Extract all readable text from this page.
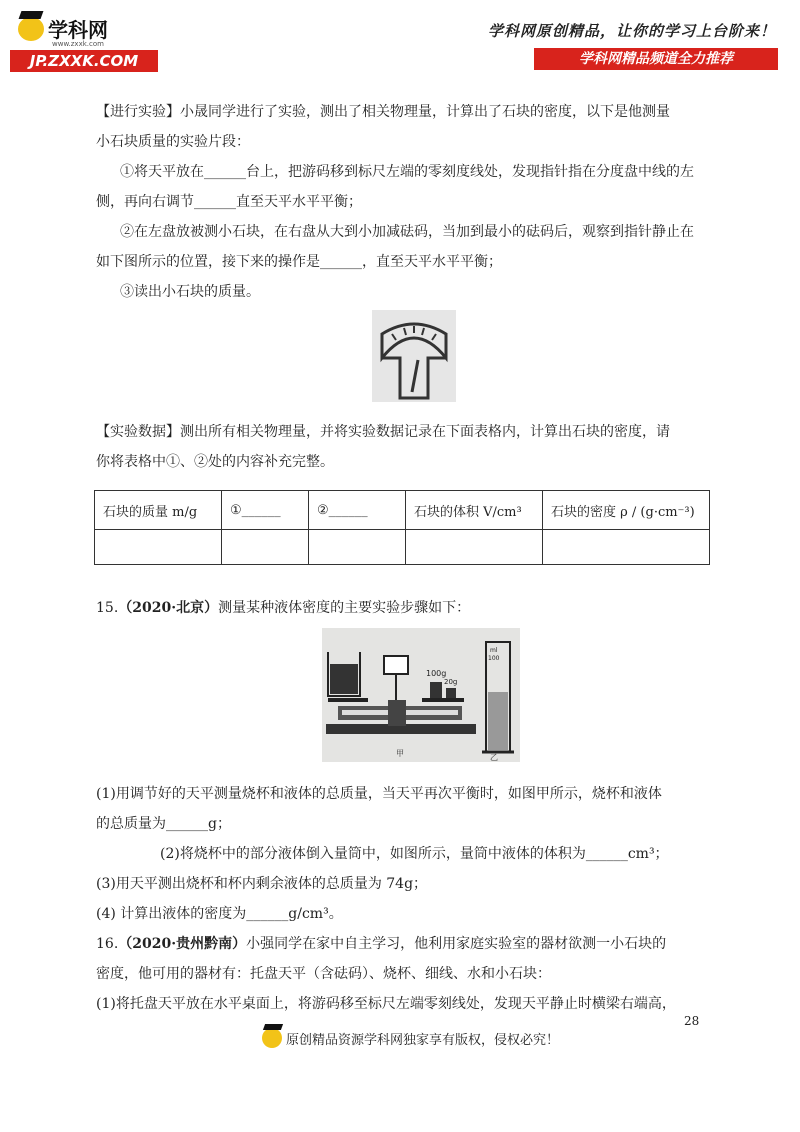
学科网
www.zxxk.com
JP.ZXXK.COM
学科网原创精品，让你的学习上台阶来！
学科网精品频道全力推荐
【进行实验】小晟同学进行了实验，测出了相关物理量，计算出了石块的密度，以下是他测量
小石块质量的实验片段：
①将天平放在______台上，把游码移到标尺左端的零刻度线处，发现指针指在分度盘中线的左
侧，再向右调节______直至天平水平平衡；
②在左盘放被测小石块，在右盘从大到小加减砝码，当加到最小的砝码后，观察到指针静止在
如下图所示的位置，接下来的操作是______，直至天平水平平衡；
③读出小石块的质量。
【实验数据】测出所有相关物理量，并将实验数据记录在下面表格内，计算出石块的密度，请
你将表格中①、②处的内容补充完整。
石块的质量 m/g	①______	②______	石块的体积 V/cm³	石块的密度 ρ / (g·cm⁻³)

15.（2020·北京）测量某种液体密度的主要实验步骤如下：
100g
20g
甲
ml
100
乙
(1)用调节好的天平测量烧杯和液体的总质量，当天平再次平衡时，如图甲所示，烧杯和液体
的总质量为______g；
(2)将烧杯中的部分液体倒入量筒中，如图所示，量筒中液体的体积为______cm³；
(3)用天平测出烧杯和杯内剩余液体的总质量为 74g；
(4) 计算出液体的密度为______g/cm³。
16.（2020·贵州黔南）小强同学在家中自主学习，他利用家庭实验室的器材欲测一小石块的
密度，他可用的器材有：托盘天平（含砝码）、烧杯、细线、水和小石块：
(1)将托盘天平放在水平桌面上，将游码移至标尺左端零刻线处，发现天平静止时横梁右端高，
28
原创精品资源学科网独家享有版权，侵权必究！
